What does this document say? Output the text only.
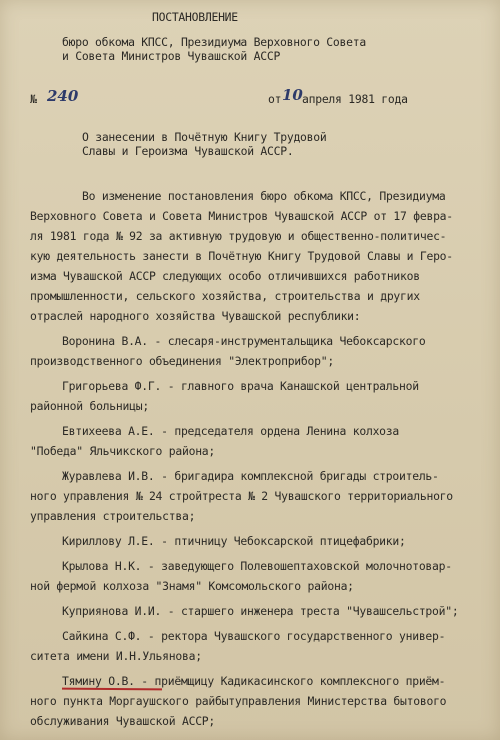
ПОСТАНОВЛЕНИЕ
бюро обкома КПСС, Президиума Верховного Совета
и Совета Министров Чувашской АССР
№ 240	от 10 апреля 1981 года
О занесении в Почётную Книгу Трудовой
Славы и Героизма Чувашской АССР.
Во изменение постановления бюро обкома КПСС, Президиума
Верховного Совета и Совета Министров Чувашской АССР от 17 февра-
ля 1981 года № 92 за активную трудовую и общественно-политичес-
кую деятельность занести в Почётную Книгу Трудовой Славы и Геро-
изма Чувашской АССР следующих особо отличившихся работников
промышленности, сельского хозяйства, строительства и других
отраслей народного хозяйства Чувашской республики:
Воронина В.А. - слесаря-инструментальщика Чебоксарского
производственного объединения "Электроприбор";
Григорьева Ф.Г. - главного врача Канашской центральной
районной больницы;
Евтихеева А.Е. - председателя ордена Ленина колхоза
"Победа" Яльчикского района;
Журавлева И.В. - бригадира комплексной бригады строитель-
ного управления № 24 стройтреста № 2 Чувашского территориального
управления строительства;
Кириллову Л.Е. - птичницу Чебоксарской птицефабрики;
Крылова Н.К. - заведующего Полевошептаховской молочнотовар-
ной фермой колхоза "Знамя" Комсомольского района;
Куприянова И.И. - старшего инженера треста "Чувашсельстрой";
Сайкина С.Ф. - ректора Чувашского государственного универ-
ситета имени И.Н.Ульянова;
Тямину О.В. - приёмщицу Кадикасинского комплексного приём-
ного пункта Моргаушского райбытуправления Министерства бытового
обслуживания Чувашской АССР;
